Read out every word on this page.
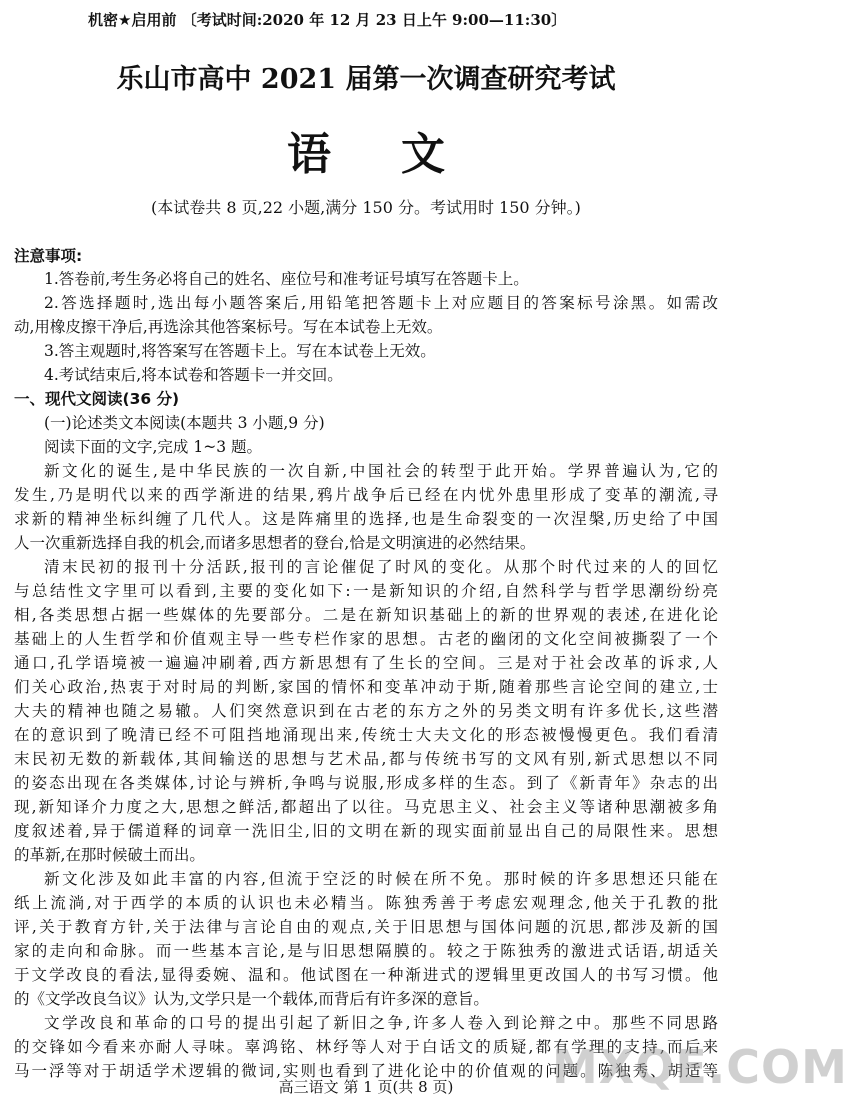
机密★启用前 〔考试时间:2020 年 12 月 23 日上午 9:00—11:30〕
乐山市高中 2021 届第一次调查研究考试
语文
(本试卷共 8 页,22 小题,满分 150 分。考试用时 150 分钟。)
注意事项:
1.答卷前,考生务必将自己的姓名、座位号和准考证号填写在答题卡上。
2.答选择题时,选出每小题答案后,用铅笔把答题卡上对应题目的答案标号涂黑。如需改
动,用橡皮擦干净后,再选涂其他答案标号。写在本试卷上无效。
3.答主观题时,将答案写在答题卡上。写在本试卷上无效。
4.考试结束后,将本试卷和答题卡一并交回。
一、现代文阅读(36 分)
(一)论述类文本阅读(本题共 3 小题,9 分)
阅读下面的文字,完成 1~3 题。
新文化的诞生,是中华民族的一次自新,中国社会的转型于此开始。学界普遍认为,它的
发生,乃是明代以来的西学渐进的结果,鸦片战争后已经在内忧外患里形成了变革的潮流,寻
求新的精神坐标纠缠了几代人。这是阵痛里的选择,也是生命裂变的一次涅槃,历史给了中国
人一次重新选择自我的机会,而诸多思想者的登台,恰是文明演进的必然结果。
清末民初的报刊十分活跃,报刊的言论催促了时风的变化。从那个时代过来的人的回忆
与总结性文字里可以看到,主要的变化如下:一是新知识的介绍,自然科学与哲学思潮纷纷亮
相,各类思想占据一些媒体的先要部分。二是在新知识基础上的新的世界观的表述,在进化论
基础上的人生哲学和价值观主导一些专栏作家的思想。古老的幽闭的文化空间被撕裂了一个
通口,孔学语境被一遍遍冲刷着,西方新思想有了生长的空间。三是对于社会改革的诉求,人
们关心政治,热衷于对时局的判断,家国的情怀和变革冲动于斯,随着那些言论空间的建立,士
大夫的精神也随之易辙。人们突然意识到在古老的东方之外的另类文明有许多优长,这些潜
在的意识到了晚清已经不可阻挡地涌现出来,传统士大夫文化的形态被慢慢更色。我们看清
末民初无数的新载体,其间输送的思想与艺术品,都与传统书写的文风有别,新式思想以不同
的姿态出现在各类媒体,讨论与辨析,争鸣与说服,形成多样的生态。到了《新青年》杂志的出
现,新知译介力度之大,思想之鲜活,都超出了以往。马克思主义、社会主义等诸种思潮被多角
度叙述着,异于儒道释的词章一洗旧尘,旧的文明在新的现实面前显出自己的局限性来。思想
的革新,在那时候破土而出。
新文化涉及如此丰富的内容,但流于空泛的时候在所不免。那时候的许多思想还只能在
纸上流淌,对于西学的本质的认识也未必精当。陈独秀善于考虑宏观理念,他关于孔教的批
评,关于教育方针,关于法律与言论自由的观点,关于旧思想与国体问题的沉思,都涉及新的国
家的走向和命脉。而一些基本言论,是与旧思想隔膜的。较之于陈独秀的激进式话语,胡适关
于文学改良的看法,显得委婉、温和。他试图在一种渐进式的逻辑里更改国人的书写习惯。他
的《文学改良刍议》认为,文学只是一个载体,而背后有许多深的意旨。
文学改良和革命的口号的提出引起了新旧之争,许多人卷入到论辩之中。那些不同思路
的交锋如今看来亦耐人寻味。辜鸿铭、林纾等人对于白话文的质疑,都有学理的支持,而后来
马一浮等对于胡适学术逻辑的微词,实则也看到了进化论中的价值观的问题。陈独秀、胡适等
高三语文 第 1 页(共 8 页)	MXQE.COM
